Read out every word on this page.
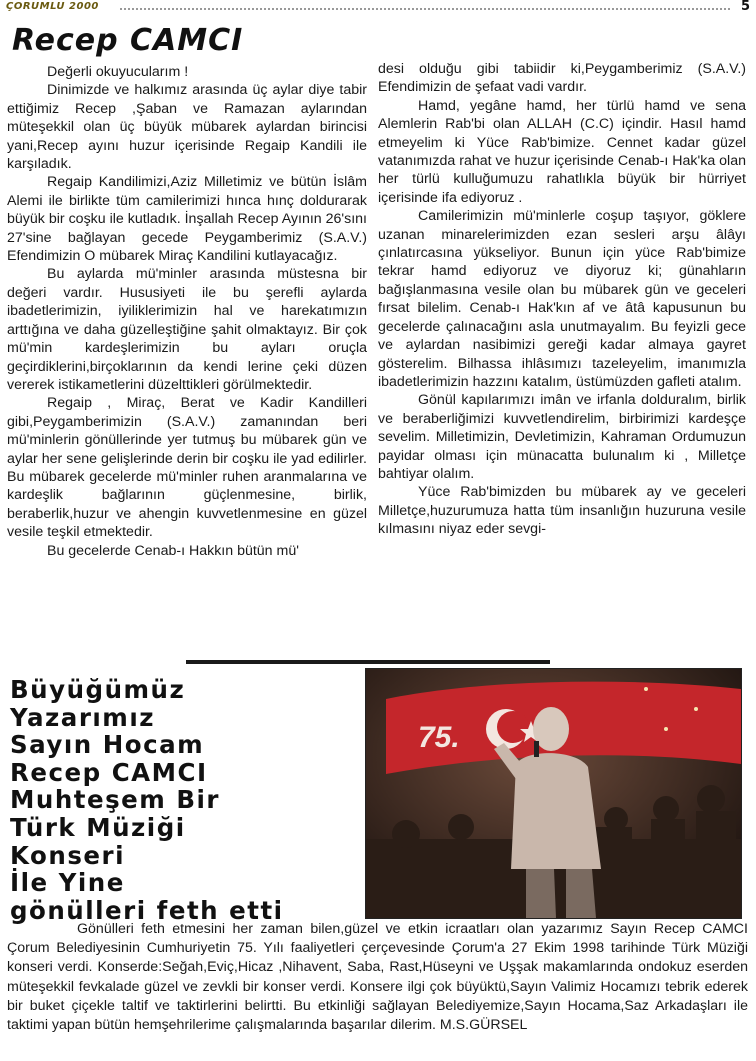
ÇORUMLU 2000	5
Recep CAMCI

Değerli okuyucularım !

Dinimizde ve halkımız arasında üç aylar diye tabir ettiğimiz Recep ,Şaban ve Ramazan aylarından müteşekkil olan üç büyük mübarek aylardan birincisi yani,Recep ayını huzur içerisinde Regaip Kandili ile karşıladık.

Regaip Kandilimizi,Aziz Milletimiz ve bütün İslâm Alemi ile birlikte tüm camilerimizi hınca hınç doldurarak büyük bir coşku ile kutladık. İnşallah Recep Ayının 26'sını 27'sine bağlayan gecede Peygamberimiz (S.A.V.) Efendimizin O mübarek Miraç Kandilini kutlayacağız.

Bu aylarda mü'minler arasında müstesna bir değeri vardır. Hususiyeti ile bu şerefli aylarda ibadetlerimizin, iyiliklerimizin hal ve harekatımızın arttığına ve daha güzelleştiğine şahit olmaktayız. Bir çok mü'min kardeşlerimizin bu ayları oruçla geçirdiklerini,birçoklarının da kendi lerine çeki düzen vererek istikametlerini düzelttikleri görülmektedir.

Regaip , Miraç, Berat ve Kadir Kandilleri gibi,Peygamberimizin (S.A.V.) zamanından beri mü'minlerin gönüllerinde yer tutmuş bu mübarek gün ve aylar her sene gelişlerinde derin bir coşku ile yad edilirler. Bu mübarek gecelerde mü'minler ruhen aranmalarına ve kardeşlik bağlarının güçlenmesine, birlik, beraberlik,huzur ve ahengin kuvvetlenmesine en güzel vesile teşkil etmektedir.

Bu gecelerde Cenab-ı Hakkın bütün mü'

desi olduğu gibi tabiidir ki,Peygamberimiz (S.A.V.) Efendimizin de şefaat vadi vardır.

Hamd, yegâne hamd, her türlü hamd ve sena Alemlerin Rab'bi olan ALLAH (C.C) içindir. Hasıl hamd etmeyelim ki Yüce Rab'bimize. Cennet kadar güzel vatanımızda rahat ve huzur içerisinde Cenab-ı Hak'ka olan her türlü kulluğumuzu rahatlıkla büyük bir hürriyet içerisinde ifa ediyoruz .

Camilerimizin mü'minlerle coşup taşıyor, göklere uzanan minarelerimizden ezan sesleri arşu âlâyı çınlatırcasına yükseliyor. Bunun için yüce Rab'bimize tekrar hamd ediyoruz ve diyoruz ki; günahların bağışlanmasına vesile olan bu mübarek gün ve geceleri fırsat bilelim. Cenab-ı Hak'kın af ve âtâ kapusunun bu gecelerde çalınacağını asla unutmayalım. Bu feyizli gece ve aylardan nasibimizi gereği kadar almaya gayret gösterelim. Bilhassa ihlâsımızı tazeleyelim, imanımızla ibadetlerimizin hazzını katalım, üstümüzden gafleti atalım.

Gönül kapılarımızı imân ve irfanla dolduralım, birlik ve beraberliğimizi kuvvetlendirelim, birbirimizi kardeşçe sevelim. Milletimizin, Devletimizin, Kahraman Ordumuzun payidar olması için münacatta bulunalım ki , Milletçe bahtiyar olalım.

Yüce Rab'bimizden bu mübarek ay ve geceleri Milletçe,huzurumuza hatta tüm insanlığın huzuruna vesile kılmasını niyaz eder sevgi-

Büyüğümüz
Yazarımız
Sayın Hocam
Recep CAMCI
Muhteşem Bir
Türk Müziği
Konseri
İle Yine
gönülleri feth etti
75.

Gönülleri feth etmesini her zaman bilen,güzel ve etkin icraatları olan yazarımız Sayın Recep CAMCI Çorum Belediyesinin Cumhuriyetin 75. Yılı faaliyetleri çerçevesinde Çorum'a 27 Ekim 1998 tarihinde Türk Müziği konseri verdi. Konserde:Seğah,Eviç,Hicaz ,Nihavent, Saba, Rast,Hüseyni ve Uşşak makamlarında ondokuz eserden müteşekkil fevkalade güzel ve zevkli bir konser verdi. Konsere ilgi çok büyüktü,Sayın Valimiz Hocamızı tebrik ederek bir buket çiçekle taltif ve taktirlerini belirtti. Bu etkinliği sağlayan Belediyemize,Sayın Hocama,Saz Arkadaşları ile taktimi yapan bütün hemşehrilerime çalışmalarında başarılar dilerim. M.S.GÜRSEL
